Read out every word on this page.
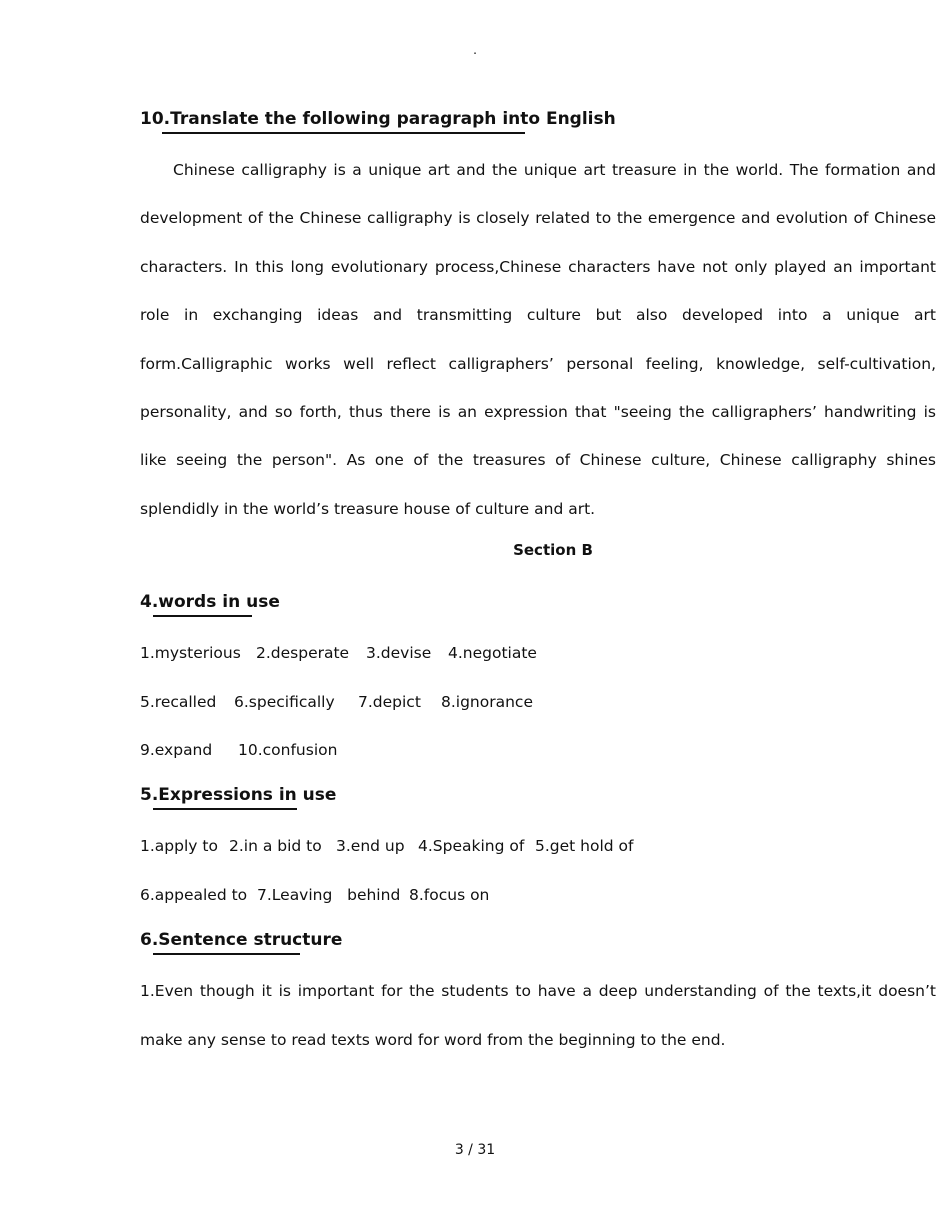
.
10.Translate the following paragraph into English

Chinese calligraphy is a unique art and the unique art treasure in the world. The formation and development of the Chinese calligraphy is closely related to the emergence and evolution of Chinese characters. In this long evolutionary process,Chinese characters have not only played an important role in exchanging ideas and transmitting culture but also developed into a unique art form.Calligraphic works well reflect calligraphers’ personal feeling, knowledge, self-cultivation, personality, and so forth, thus there is an expression that "seeing the calligraphers’ handwriting is like seeing the person". As one of the treasures of Chinese culture, Chinese calligraphy shines splendidly in the world’s treasure house of culture and art.

Section B
4.words in use
1.mysterious 2.desperate 3.devise 4.negotiate
5.recalled 6.specifically 7.depict 8.ignorance
9.expand 10.confusion
5.Expressions in use
1.apply to 2.in a bid to 3.end up 4.Speaking of 5.get hold of
6.appealed to 7.Leaving   behind 8.focus on
6.Sentence structure

1.Even though it is important for the students to have a deep understanding of the texts,it doesn’t make any sense to read texts word for word from the beginning to the end.

3 / 31
